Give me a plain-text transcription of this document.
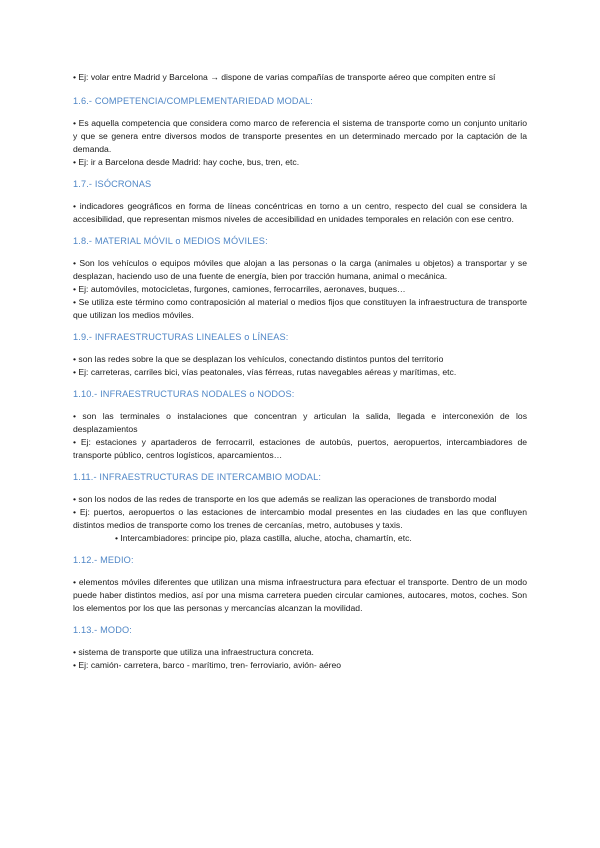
• Ej: volar entre Madrid y Barcelona → dispone de varias compañías de transporte aéreo que compiten entre sí

1.6.- COMPETENCIA/COMPLEMENTARIEDAD MODAL:

• Es aquella competencia que considera como marco de referencia el sistema de transporte como un conjunto unitario y que se genera entre diversos modos de transporte presentes en un determinado mercado por la captación de la demanda.

• Ej: ir a Barcelona desde Madrid: hay coche, bus, tren, etc.

1.7.- ISÓCRONAS

• indicadores geográficos en forma de líneas concéntricas en torno a un centro, respecto del cual se considera la accesibilidad, que representan mismos niveles de accesibilidad en unidades temporales en relación con ese centro.

1.8.- MATERIAL MÓVIL o MEDIOS MÓVILES:

• Son los vehículos o equipos móviles que alojan a las personas o la carga (animales u objetos) a transportar y se desplazan, haciendo uso de una fuente de energía, bien por tracción humana, animal o mecánica.

• Ej: automóviles, motocicletas, furgones, camiones, ferrocarriles, aeronaves, buques…

• Se utiliza este término como contraposición al material o medios fijos que constituyen la infraestructura de transporte que utilizan los medios móviles.

1.9.- INFRAESTRUCTURAS LINEALES o LÍNEAS:

• son las redes sobre la que se desplazan los vehículos, conectando distintos puntos del territorio

• Ej: carreteras, carriles bici, vías peatonales, vías férreas, rutas navegables aéreas y marítimas, etc.

1.10.- INFRAESTRUCTURAS NODALES o NODOS:

• son las terminales o instalaciones que concentran y articulan la salida, llegada e interconexión de los desplazamientos

• Ej: estaciones y apartaderos de ferrocarril, estaciones de autobús, puertos, aeropuertos, intercambiadores de transporte público, centros logísticos, aparcamientos…

1.11.- INFRAESTRUCTURAS DE INTERCAMBIO MODAL:

• son los nodos de las redes de transporte en los que además se realizan las operaciones de transbordo modal

• Ej: puertos, aeropuertos o las estaciones de intercambio modal presentes en las ciudades en las que confluyen distintos medios de transporte como los trenes de cercanías, metro, autobuses y taxis.

• Intercambiadores: principe pio, plaza castilla, aluche, atocha, chamartín, etc.

1.12.- MEDIO:

• elementos móviles diferentes que utilizan una misma infraestructura para efectuar el transporte. Dentro de un modo puede haber distintos medios, así por una misma carretera pueden circular camiones, autocares, motos, coches. Son los elementos por los que las personas y mercancías alcanzan la movilidad.

1.13.- MODO:

• sistema de transporte que utiliza una infraestructura concreta.

• Ej: camión- carretera, barco - marítimo, tren- ferroviario, avión- aéreo
